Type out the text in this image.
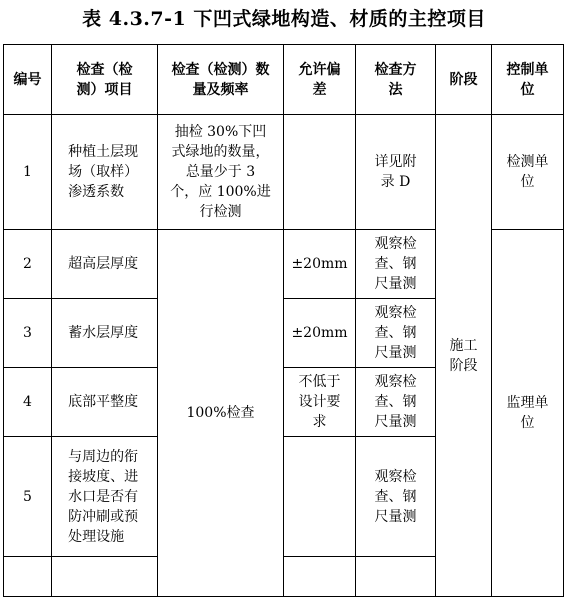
表 4.3.7-1 下凹式绿地构造、材质的主控项目
编号	检查（检测）项目	检查（检测）数量及频率	允许偏差	检查方法	阶段	控制单位

1	种植土层现场（取样）渗透系数	抽检 30%下凹式绿地的数量，总量少于 3 个，应 100%进行检测		详见附录 D	施工阶段	检测单位

2	超高层厚度	100%检查	±20mm	观察检查、钢尺量测		监理单位

3	蓄水层厚度		±20mm	观察检查、钢尺量测		

4	底部平整度		不低于设计要求	观察检查、钢尺量测		

5	与周边的衔接坡度、进水口是否有防冲刷或预处理设施			观察检查、钢尺量测		
